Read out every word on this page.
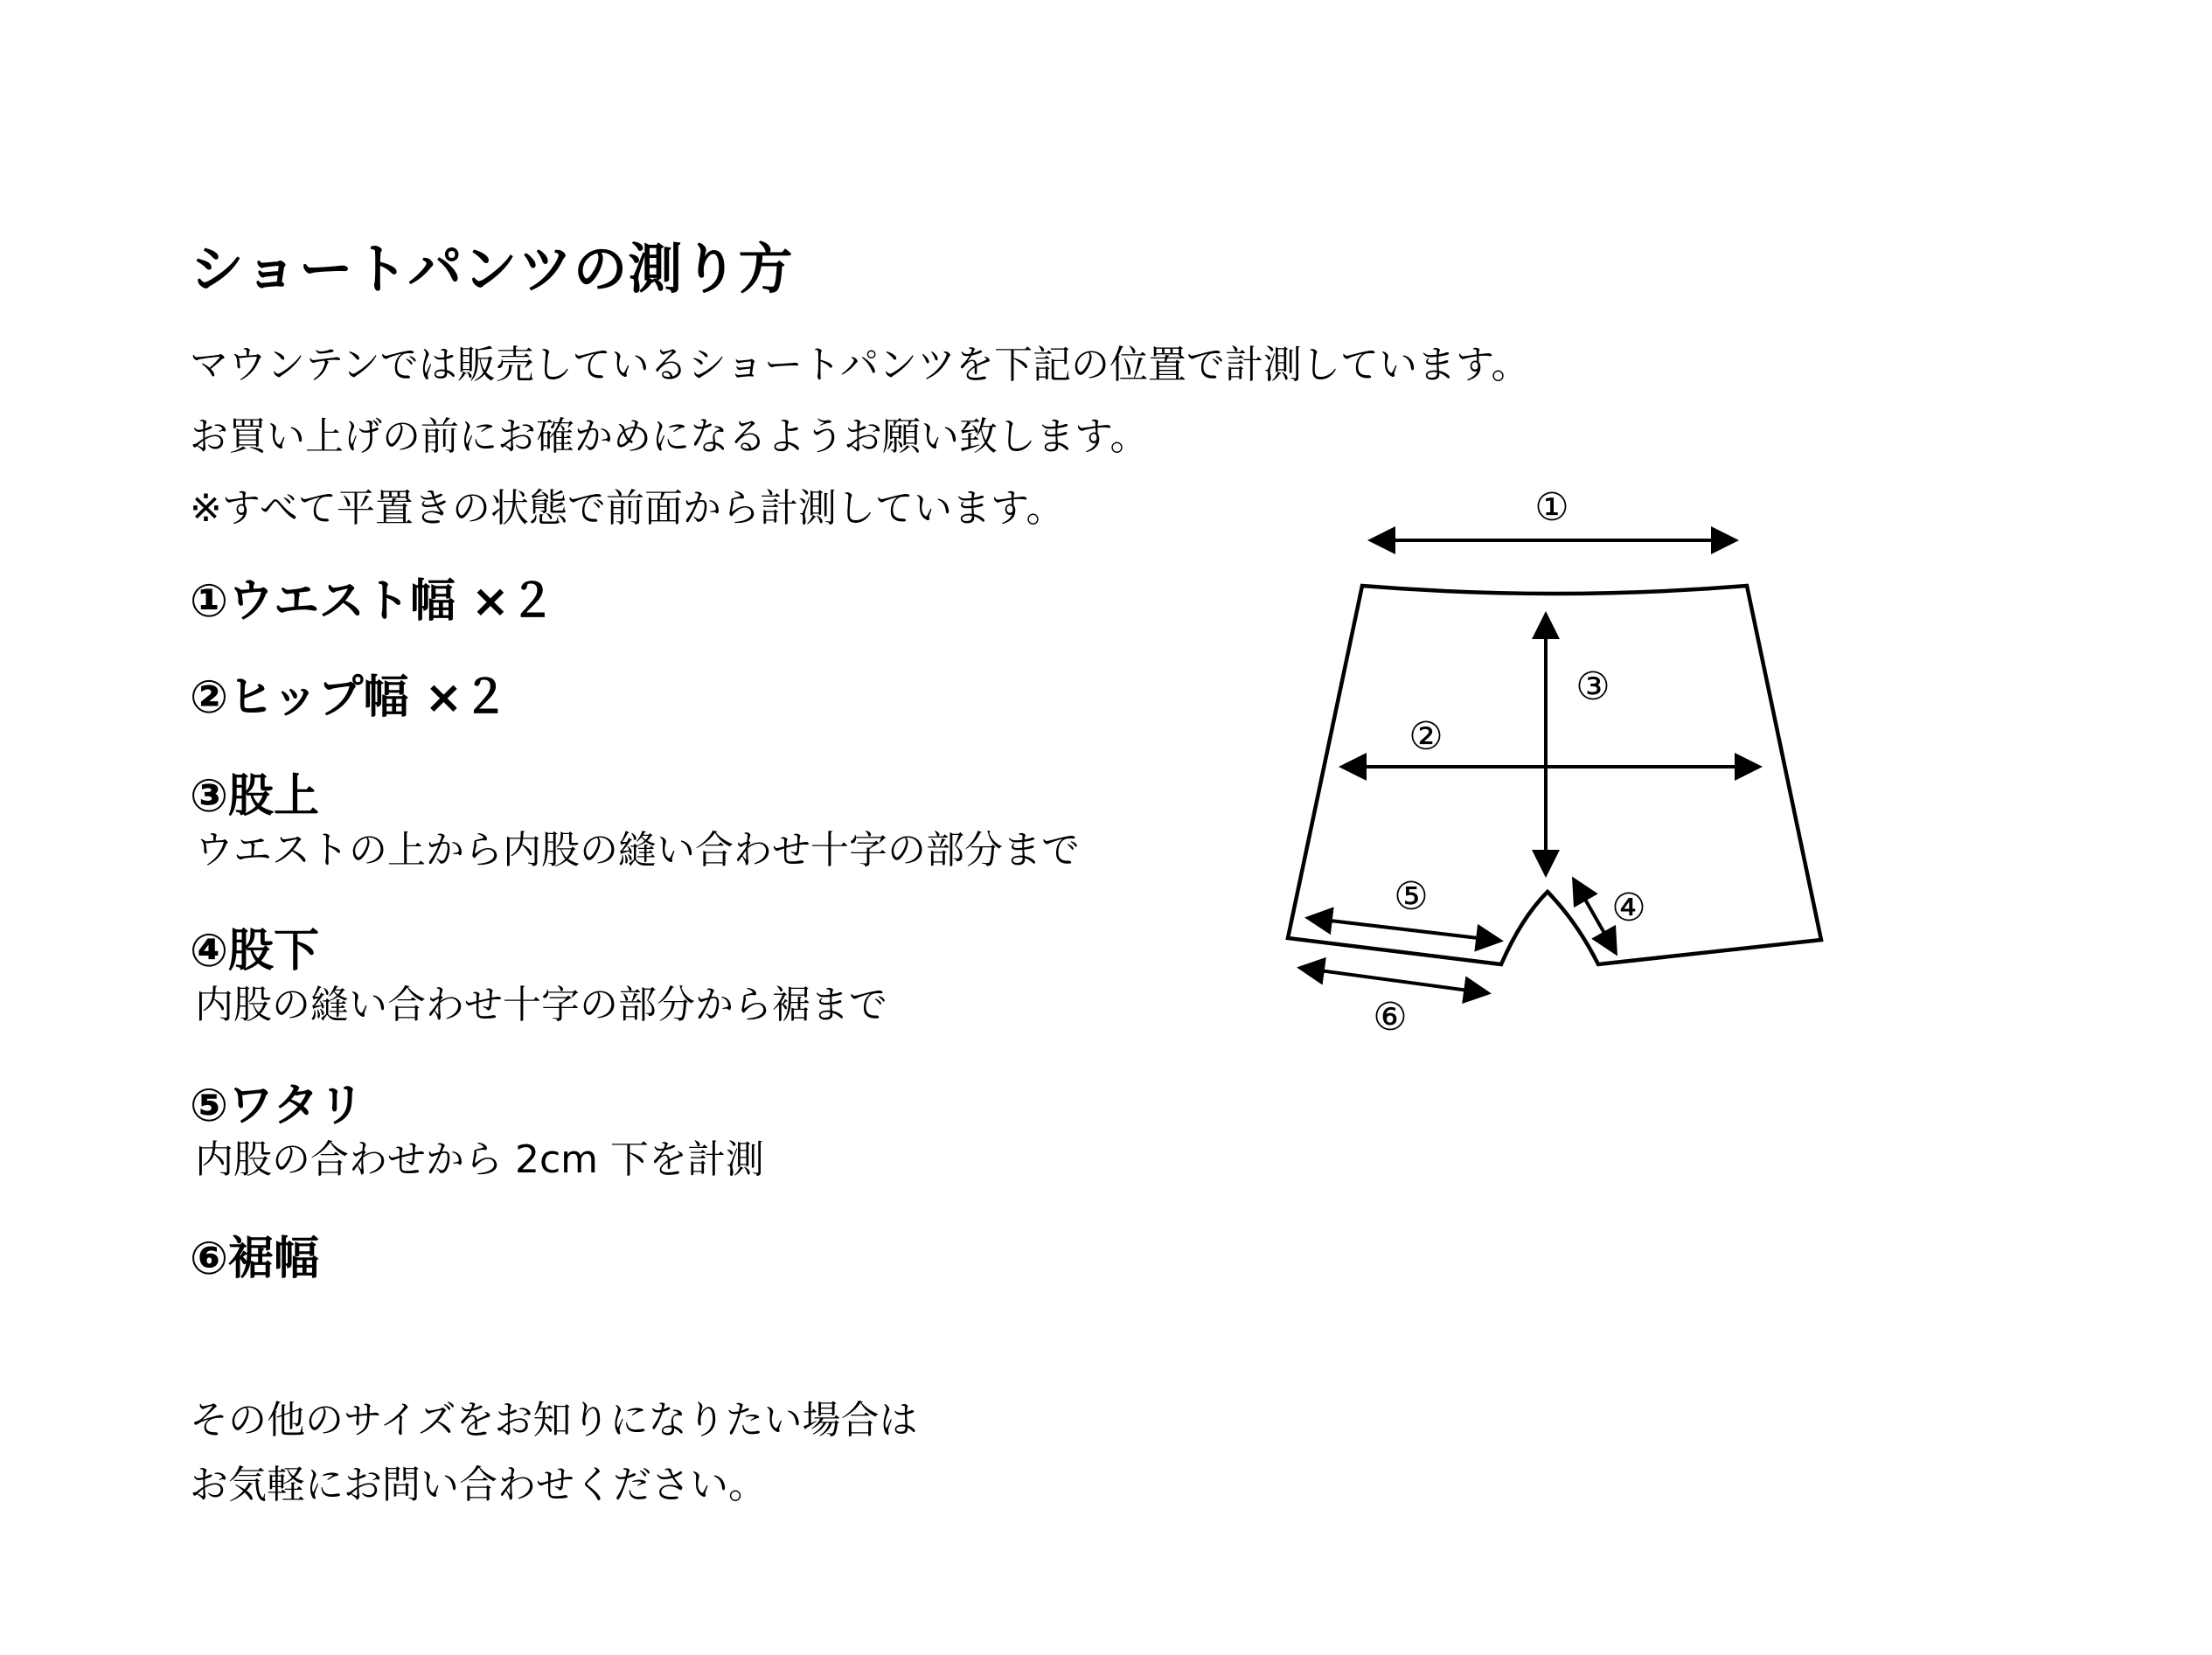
ショートパンツの測り方
マウンテンでは販売しているショートパンツを下記の位置で計測しています。
お買い上げの前にお確かめになるようお願い致します。
※すべて平置きの状態で前面から計測しています。
①ウエスト幅 ×２
②ヒップ幅 ×２
③股上
ウエストの上から内股の縫い合わせ十字の部分まで
④股下
内股の縫い合わせ十字の部分から裾まで
⑤ワタリ
内股の合わせから 2cm 下を計測
⑥裾幅
その他のサイズをお知りになりたい場合は
お気軽にお問い合わせください。
①
②
③
④
⑤
⑥
